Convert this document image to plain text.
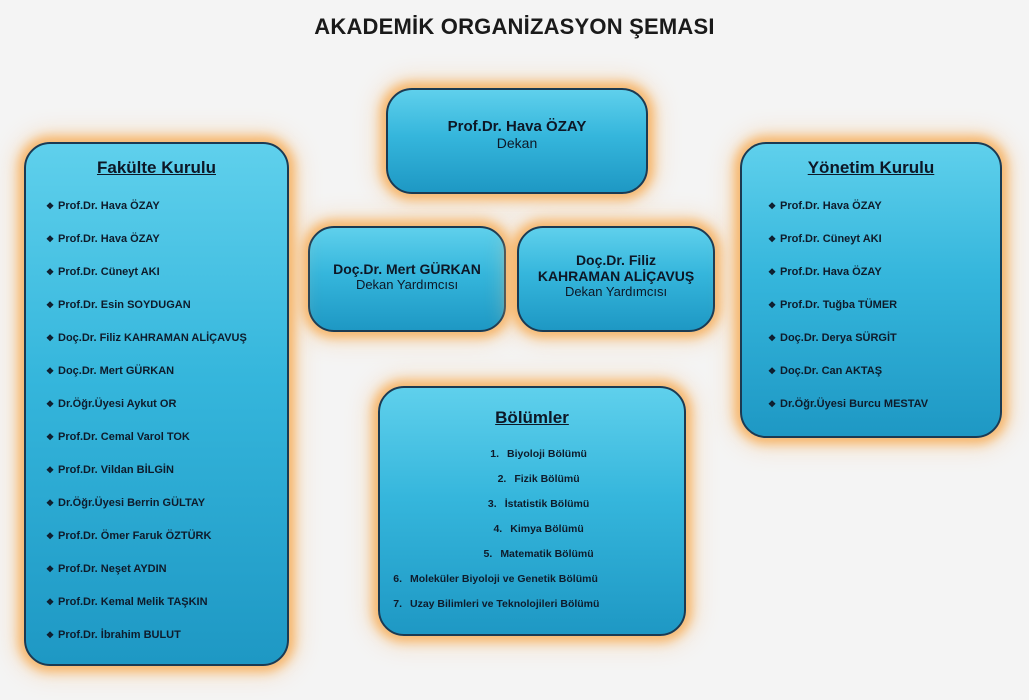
AKADEMİK ORGANİZASYON ŞEMASI
Prof.Dr. Hava ÖZAY
Dekan
Doç.Dr. Mert GÜRKAN
Dekan Yardımcısı
Doç.Dr. Filiz
KAHRAMAN ALİÇAVUŞ
Dekan Yardımcısı
Fakülte Kurulu
❖ Prof.Dr. Hava ÖZAY
❖ Prof.Dr. Hava ÖZAY
❖ Prof.Dr. Cüneyt AKI
❖ Prof.Dr. Esin SOYDUGAN
❖ Doç.Dr. Filiz KAHRAMAN ALİÇAVUŞ
❖ Doç.Dr. Mert GÜRKAN
❖ Dr.Öğr.Üyesi Aykut OR
❖ Prof.Dr. Cemal Varol TOK
❖ Prof.Dr. Vildan BİLGİN
❖ Dr.Öğr.Üyesi Berrin GÜLTAY
❖ Prof.Dr. Ömer Faruk ÖZTÜRK
❖ Prof.Dr. Neşet AYDIN
❖ Prof.Dr. Kemal Melik TAŞKIN
❖ Prof.Dr. İbrahim BULUT
Yönetim Kurulu
❖ Prof.Dr. Hava ÖZAY
❖ Prof.Dr. Cüneyt AKI
❖ Prof.Dr. Hava ÖZAY
❖ Prof.Dr. Tuğba TÜMER
❖ Doç.Dr. Derya SÜRGİT
❖ Doç.Dr. Can AKTAŞ
❖ Dr.Öğr.Üyesi Burcu MESTAV
Bölümler
1. Biyoloji Bölümü
2. Fizik Bölümü
3. İstatistik Bölümü
4. Kimya Bölümü
5. Matematik Bölümü
6. Moleküler Biyoloji ve Genetik Bölümü
7. Uzay Bilimleri ve Teknolojileri Bölümü
